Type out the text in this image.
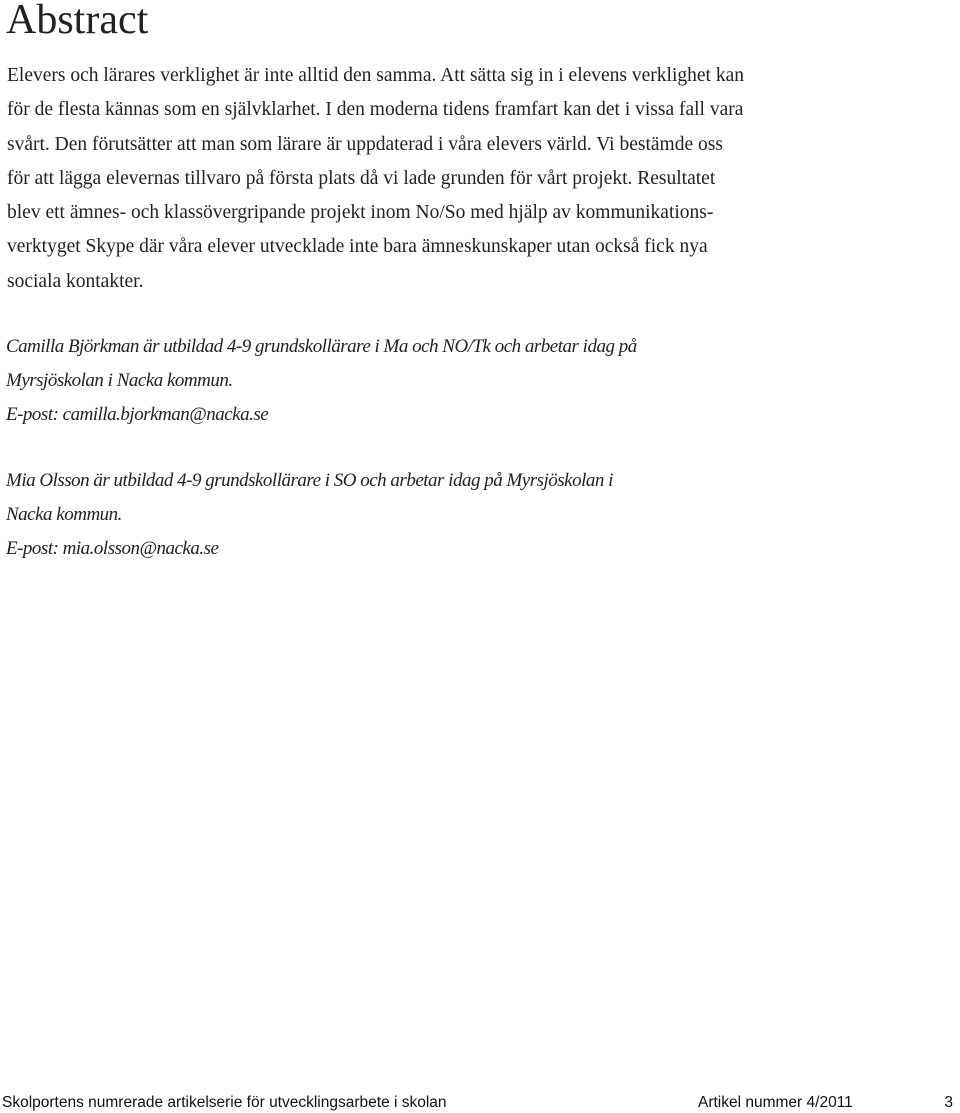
Abstract

Elevers och lärares verklighet är inte alltid den samma. Att sätta sig in i elevens verklighet kan
för de flesta kännas som en självklarhet. I den moderna tidens framfart kan det i vissa fall vara
svårt. Den förutsätter att man som lärare är uppdaterad i våra elevers värld. Vi bestämde oss
för att lägga elevernas tillvaro på första plats då vi lade grunden för vårt projekt. Resultatet
blev ett ämnes- och klassövergripande projekt inom No/So med hjälp av kommunikations-
verktyget Skype där våra elever utvecklade inte bara ämneskunskaper utan också fick nya
sociala kontakter.

Camilla Björkman är utbildad 4-9 grundskollärare i Ma och NO/Tk och arbetar idag på
Myrsjöskolan i Nacka kommun.
E-post: camilla.bjorkman@nacka.se

Mia Olsson är utbildad 4-9 grundskollärare i SO och arbetar idag på Myrsjöskolan i
Nacka kommun.
E-post: mia.olsson@nacka.se

Skolportens numrerade artikelserie för utvecklingsarbete i skolan	Artikel nummer 4/2011	3
